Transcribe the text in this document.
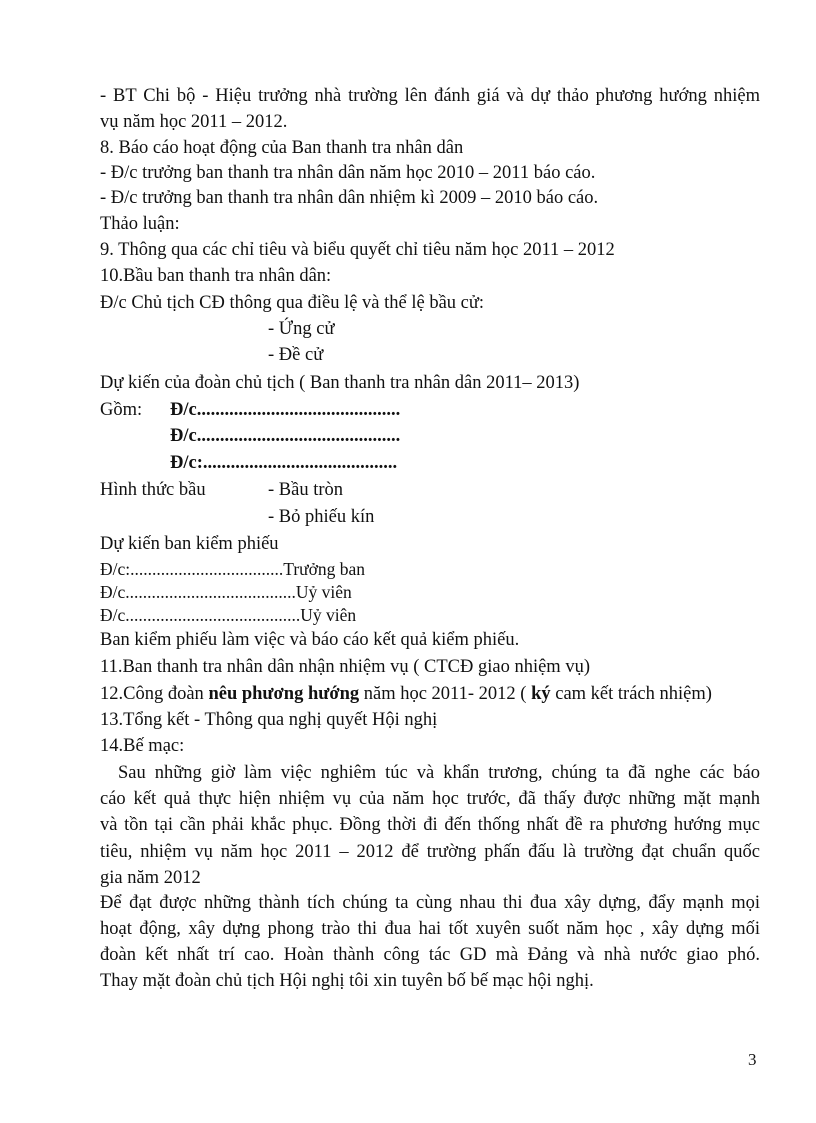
- BT Chi bộ - Hiệu trưởng nhà trường lên đánh giá và dự thảo phương hướng nhiệm
vụ năm học 2011 – 2012.
8. Báo cáo hoạt động của Ban thanh tra nhân dân
- Đ/c trưởng ban thanh tra nhân dân năm học 2010 – 2011 báo cáo.
- Đ/c trưởng ban thanh tra nhân dân nhiệm kì 2009 – 2010 báo cáo.
Thảo luận:
9. Thông qua các chỉ tiêu và biểu quyết chỉ tiêu năm học 2011 – 2012
10.Bầu ban thanh tra nhân dân:
Đ/c Chủ tịch CĐ thông qua điều lệ và thể lệ bầu cử:
- Ứng cử
- Đề cử
Dự kiến của đoàn chủ tịch ( Ban thanh tra nhân dân 2011– 2013)
Gồm: Đ/c............................................
Đ/c............................................
Đ/c:..........................................
Hình thức bầu	- Bầu tròn
- Bỏ phiếu kín
Dự kiến ban kiểm phiếu
Đ/c:...................................Trưởng ban
Đ/c.......................................Uỷ viên
Đ/c........................................Uỷ viên
Ban kiểm phiếu làm việc và báo cáo kết quả kiểm phiếu.
11.Ban thanh tra nhân dân nhận nhiệm vụ ( CTCĐ giao nhiệm vụ)
12.Công đoàn nêu phương hướng năm học 2011- 2012 ( ký cam kết trách nhiệm)
13.Tổng kết - Thông qua nghị quyết Hội nghị
14.Bế mạc:
Sau những giờ làm việc nghiêm túc và khẩn trương, chúng ta đã nghe các báo
cáo kết quả thực hiện nhiệm vụ của năm học trước, đã thấy được những mặt mạnh
và tồn tại cần phải khắc phục. Đồng thời đi đến thống nhất đề ra phương hướng mục
tiêu, nhiệm vụ năm học 2011 – 2012 để trường phấn đấu là trường đạt chuẩn quốc
gia năm 2012
Để đạt được những thành tích chúng ta cùng nhau thi đua xây dựng, đẩy mạnh mọi
hoạt động, xây dựng phong trào thi đua hai tốt xuyên suốt năm học , xây dựng mối
đoàn kết nhất trí cao. Hoàn thành công tác GD mà Đảng và nhà nước giao phó.
Thay mặt đoàn chủ tịch Hội nghị tôi xin tuyên bố bế mạc hội nghị.
3
